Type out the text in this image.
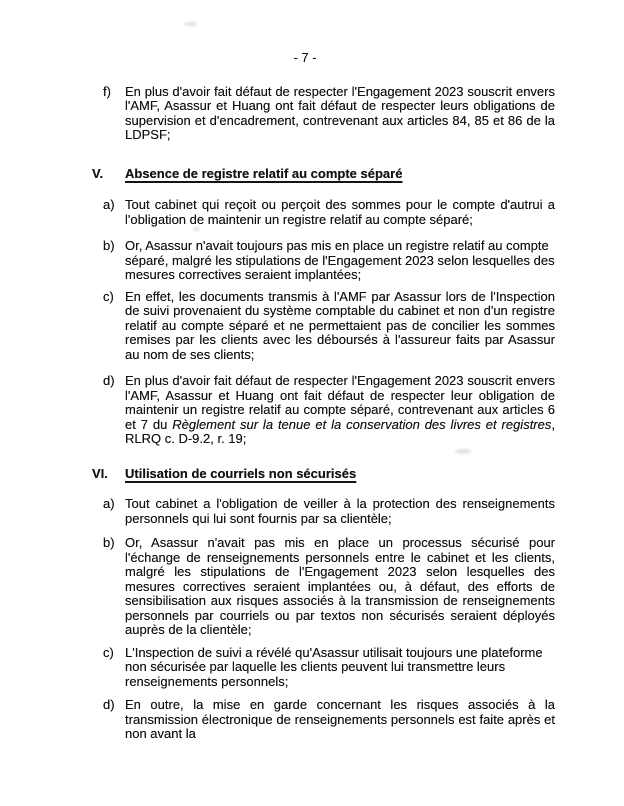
- 7 -
f)	En plus d'avoir fait défaut de respecter l'Engagement 2023 souscrit envers l'AMF, Asassur et Huang ont fait défaut de respecter leurs obligations de supervision et d'encadrement, contrevenant aux articles 84, 85 et 86 de la LDPSF;

V.	Absence de registre relatif au compte séparé
a) Tout cabinet qui reçoit ou perçoit des sommes pour le compte d'autrui a l'obligation de maintenir un registre relatif au compte séparé;

b) Or, Asassur n'avait toujours pas mis en place un registre relatif au compte séparé, malgré les stipulations de l'Engagement 2023 selon lesquelles des mesures correctives seraient implantées;

c) En effet, les documents transmis à l'AMF par Asassur lors de l'Inspection de suivi provenaient du système comptable du cabinet et non d'un registre relatif au compte séparé et ne permettaient pas de concilier les sommes remises par les clients avec les déboursés à l'assureur faits par Asassur au nom de ses clients;

d) En plus d'avoir fait défaut de respecter l'Engagement 2023 souscrit envers l'AMF, Asassur et Huang ont fait défaut de respecter leur obligation de maintenir un registre relatif au compte séparé, contrevenant aux articles 6 et 7 du Règlement sur la tenue et la conservation des livres et registres, RLRQ c. D-9.2, r. 19;

VI.	Utilisation de courriels non sécurisés
a) Tout cabinet a l'obligation de veiller à la protection des renseignements personnels qui lui sont fournis par sa clientèle;

b) Or, Asassur n'avait pas mis en place un processus sécurisé pour l'échange de renseignements personnels entre le cabinet et les clients, malgré les stipulations de l'Engagement 2023 selon lesquelles des mesures correctives seraient implantées ou, à défaut, des efforts de sensibilisation aux risques associés à la transmission de renseignements personnels par courriels ou par textos non sécurisés seraient déployés auprès de la clientèle;

c) L'Inspection de suivi a révélé qu'Asassur utilisait toujours une plateforme non sécurisée par laquelle les clients peuvent lui transmettre leurs renseignements personnels;

d) En outre, la mise en garde concernant les risques associés à la transmission électronique de renseignements personnels est faite après et non avant la
